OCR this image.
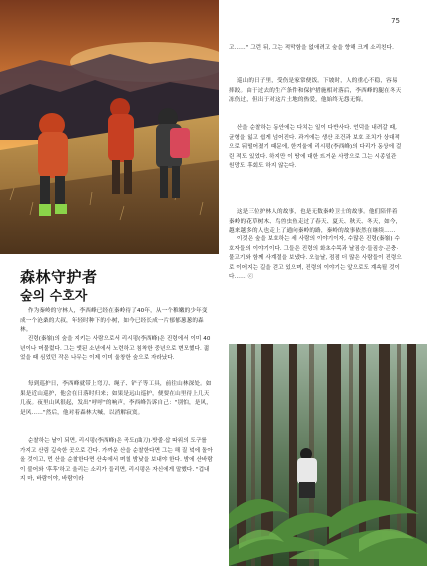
75

고……" 그런 뒤, 그는 적막함을 없애려고 숲을 향해 크게 소리친다.

巡山的日子里，受伤是家常便饭。下坡时，人的重心不稳，容易摔跤。由于过去的生产条件和保护措施相对落后，李西峰的腿在冬天冻伤过，但出于对这片土地的热爱，他始终无怨无悔。

산을 순찰하는 동안에는 다치는 일이 다반사다. 언덕을 내려갈 때, 균형을 잃고 쉽게 넘어진다. 과거에는 생산 조건과 보호 조치가 상대적으로 뒤떨어졌기 때문에, 한겨울에 리시펑(李西峰)의 다리가 동상에 걸린 적도 있었다. 하지만 이 땅에 대한 뜨거운 사랑으로 그는 시종일관 원망도 후회도 하지 않는다.

这是三位护林人的故事，也是无数秦岭卫士的故事。他们陪伴着秦岭的花草树木、鸟兽虫鱼走过了春天、夏天、秋天、冬天，如今，越来越多的人也走上了通向秦岭的路，秦岭的故事依然在继续……

이것은 숲을 보호하는 세 사람의 이야기이자, 수많은 진령(秦嶺) 수호자들의 이야기이다. 그들은 진령의 화초수목과 날짐승·들짐승·곤충·물고기와 함께 사계절을 보냈다. 오늘날, 점점 더 많은 사람들이 진령으로 이어지는 길을 걷고 있으며, 진령의 이야기는 앞으로도 계속될 것이다…… ⓒ

森林守护者
숲의 수호자

作为秦岭的守林人，李西峰已经在秦岭待了40年，从一个稚嫩的少年变成一个沧桑的大叔，年轻时种下的小树，如今已经长成一片郁郁葱葱的森林。

진령(秦嶺)의 숲을 지키는 사람으로서 리시펑(李西峰)은 진령에서 이미 40년이나 머물렀다. 그는 앳된 소년에서 노련하고 침착한 중년으로 변모했다. 젊었을 때 심었던 작은 나무는 이제 이미 울창한 숲으로 자라났다.

每到巡护日，李西峰就带上弯刀、绳子、铲子等工具，前往山林深处。如果是近山巡护，他会在日落时归来；如果是远山巡护，便要在山里待上几天几夜。夜里山风很起，发出"呼呼"的响声，李西峰告诉自己："别怕，是风，是风……"然后，他对着森林大喊，以消解寂寞。

순찰하는 날이 되면, 리시펑(李西峰)은 곡도(曲刀)·밧줄·삽 따위의 도구를 가지고 산림 깊숙한 곳으로 간다. 가까운 산을 순찰한다면 그는 해 질 녘에 돌아올 것이고, 먼 산을 순찰한다면 산속에서 며칠 밤낮을 보내야 한다. 밤에 산바람이 불어와 '후후'하고 울리는 소리가 들리면, 리시펑은 자신에게 말했다. "겁내지 마, 바람이야, 바람이라
